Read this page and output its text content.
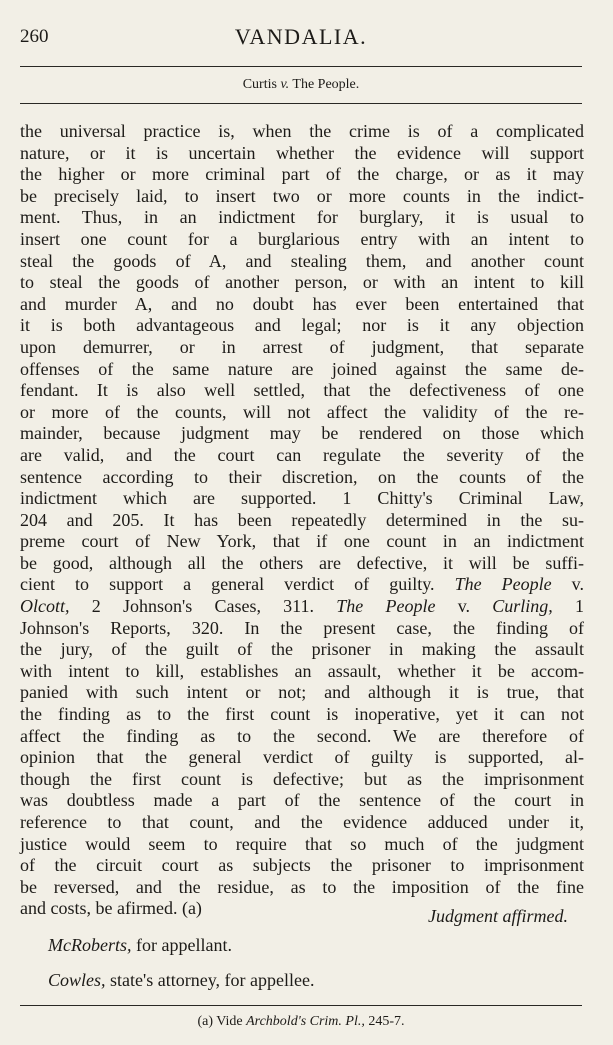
260	VANDALIA.
Curtis v. The People.
the universal practice is, when the crime is of a complicated
nature, or it is uncertain whether the evidence will support
the higher or more criminal part of the charge, or as it may
be precisely laid, to insert two or more counts in the indict-
ment. Thus, in an indictment for burglary, it is usual to
insert one count for a burglarious entry with an intent to
steal the goods of A, and stealing them, and another count
to steal the goods of another person, or with an intent to kill
and murder A, and no doubt has ever been entertained that
it is both advantageous and legal; nor is it any objection
upon demurrer, or in arrest of judgment, that separate
offenses of the same nature are joined against the same de-
fendant. It is also well settled, that the defectiveness of one
or more of the counts, will not affect the validity of the re-
mainder, because judgment may be rendered on those which
are valid, and the court can regulate the severity of the
sentence according to their discretion, on the counts of the
indictment which are supported. 1 Chitty's Criminal Law,
204 and 205. It has been repeatedly determined in the su-
preme court of New York, that if one count in an indictment
be good, although all the others are defective, it will be suffi-
cient to support a general verdict of guilty. The People v.
Olcott, 2 Johnson's Cases, 311. The People v. Curling, 1
Johnson's Reports, 320. In the present case, the finding of
the jury, of the guilt of the prisoner in making the assault
with intent to kill, establishes an assault, whether it be accom-
panied with such intent or not; and although it is true, that
the finding as to the first count is inoperative, yet it can not
affect the finding as to the second. We are therefore of
opinion that the general verdict of guilty is supported, al-
though the first count is defective; but as the imprisonment
was doubtless made a part of the sentence of the court in
reference to that count, and the evidence adduced under it,
justice would seem to require that so much of the judgment
of the circuit court as subjects the prisoner to imprisonment
be reversed, and the residue, as to the imposition of the fine
and costs, be afirmed. (a)	Judgment affirmed.
McRoberts, for appellant.
Cowles, state's attorney, for appellee.
(a) Vide Archbold's Crim. Pl., 245-7.
